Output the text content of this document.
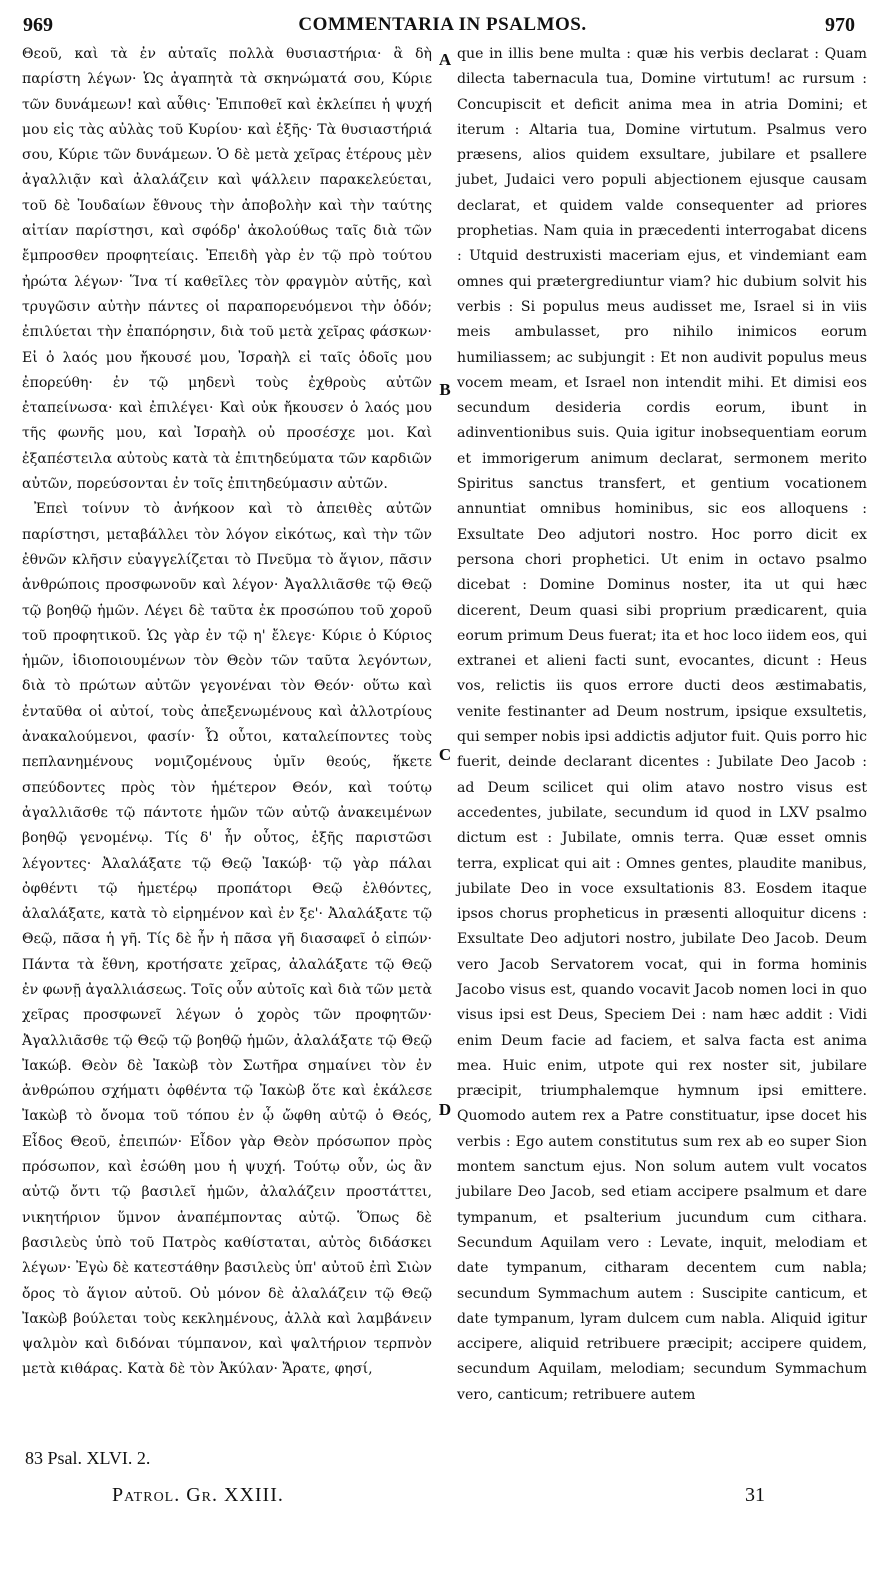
969	COMMENTARIA IN PSALMOS.	970

Θεοῦ, καὶ τὰ ἐν αὐταῖς πολλὰ θυσιαστήρια· ἃ δὴ παρίστη λέγων· Ὡς ἀγαπητὰ τὰ σκηνώματά σου, Κύριε τῶν δυνάμεων! καὶ αὖθις· Ἐπιποθεῖ καὶ ἐκλείπει ἡ ψυχή μου εἰς τὰς αὐλὰς τοῦ Κυρίου· καὶ ἑξῆς· Τὰ θυσιαστήριά σου, Κύριε τῶν δυνάμεων. Ὁ δὲ μετὰ χεῖρας ἑτέρους μὲν ἀγαλλιᾷν καὶ ἀλαλάζειν καὶ ψάλλειν παρακελεύεται, τοῦ δὲ Ἰουδαίων ἔθνους τὴν ἀποβολὴν καὶ τὴν ταύτης αἰτίαν παρίστησι, καὶ σφόδρ' ἀκολούθως ταῖς διὰ τῶν ἔμπροσθεν προφητείαις. Ἐπειδὴ γὰρ ἐν τῷ πρὸ τούτου ἠρώτα λέγων· Ἵνα τί καθεῖλες τὸν φραγμὸν αὐτῆς, καὶ τρυγῶσιν αὐτὴν πάντες οἱ παραπορευόμενοι τὴν ὁδόν; ἐπιλύεται τὴν ἐπαπόρησιν, διὰ τοῦ μετὰ χεῖρας φάσκων· Εἰ ὁ λαός μου ἤκουσέ μου, Ἰσραὴλ εἰ ταῖς ὁδοῖς μου ἐπορεύθη· ἐν τῷ μηδενὶ τοὺς ἐχθροὺς αὐτῶν ἐταπείνωσα· καὶ ἐπιλέγει· Καὶ οὐκ ἤκουσεν ὁ λαός μου τῆς φωνῆς μου, καὶ Ἰσραὴλ οὐ προσέσχε μοι. Καὶ ἐξαπέστειλα αὐτοὺς κατὰ τὰ ἐπιτηδεύματα τῶν καρδιῶν αὐτῶν, πορεύσονται ἐν τοῖς ἐπιτηδεύμασιν αὐτῶν.

Ἐπεὶ τοίνυν τὸ ἀνήκοον καὶ τὸ ἀπειθὲς αὐτῶν παρίστησι, μεταβάλλει τὸν λόγον εἰκότως, καὶ τὴν τῶν ἐθνῶν κλῆσιν εὐαγγελίζεται τὸ Πνεῦμα τὸ ἅγιον, πᾶσιν ἀνθρώποις προσφωνοῦν καὶ λέγον· Ἀγαλλιᾶσθε τῷ Θεῷ τῷ βοηθῷ ἡμῶν. Λέγει δὲ ταῦτα ἐκ προσώπου τοῦ χοροῦ τοῦ προφητικοῦ. Ὡς γὰρ ἐν τῷ η' ἔλεγε· Κύριε ὁ Κύριος ἡμῶν, ἰδιοποιουμένων τὸν Θεὸν τῶν ταῦτα λεγόντων, διὰ τὸ πρώτων αὐτῶν γεγονέναι τὸν Θεόν· οὕτω καὶ ἐνταῦθα οἱ αὐτοί, τοὺς ἀπεξενωμένους καὶ ἀλλοτρίους ἀνακαλούμενοι, φασίν· Ὦ οὗτοι, καταλείποντες τοὺς πεπλανημένους νομιζομένους ὑμῖν θεούς, ἥκετε σπεύδοντες πρὸς τὸν ἡμέτερον Θεόν, καὶ τούτῳ ἀγαλλιᾶσθε τῷ πάντοτε ἡμῶν τῶν αὐτῷ ἀνακειμένων βοηθῷ γενομένῳ. Τίς δ' ἦν οὗτος, ἑξῆς παριστῶσι λέγοντες· Ἀλαλάξατε τῷ Θεῷ Ἰακώβ· τῷ γὰρ πάλαι ὀφθέντι τῷ ἡμετέρῳ προπάτορι Θεῷ ἐλθόντες, ἀλαλάξατε, κατὰ τὸ εἰρημένον καὶ ἐν ξε'· Ἀλαλάξατε τῷ Θεῷ, πᾶσα ἡ γῆ. Τίς δὲ ἦν ἡ πᾶσα γῆ διασαφεῖ ὁ εἰπών· Πάντα τὰ ἔθνη, κροτήσατε χεῖρας, ἀλαλάξατε τῷ Θεῷ ἐν φωνῇ ἀγαλλιάσεως. Τοῖς οὖν αὐτοῖς καὶ διὰ τῶν μετὰ χεῖρας προσφωνεῖ λέγων ὁ χορὸς τῶν προφητῶν· Ἀγαλλιᾶσθε τῷ Θεῷ τῷ βοηθῷ ἡμῶν, ἀλαλάξατε τῷ Θεῷ Ἰακώβ. Θεὸν δὲ Ἰακὼβ τὸν Σωτῆρα σημαίνει τὸν ἐν ἀνθρώπου σχήματι ὀφθέντα τῷ Ἰακὼβ ὅτε καὶ ἐκάλεσε Ἰακὼβ τὸ ὄνομα τοῦ τόπου ἐν ᾧ ὤφθη αὐτῷ ὁ Θεός, Εἶδος Θεοῦ, ἐπειπών· Εἶδον γὰρ Θεὸν πρόσωπον πρὸς πρόσωπον, καὶ ἐσώθη μου ἡ ψυχή. Τούτῳ οὖν, ὡς ἂν αὐτῷ ὄντι τῷ βασιλεῖ ἡμῶν, ἀλαλάζειν προστάττει, νικητήριον ὕμνον ἀναπέμποντας αὐτῷ. Ὅπως δὲ βασιλεὺς ὑπὸ τοῦ Πατρὸς καθίσταται, αὐτὸς διδάσκει λέγων· Ἐγὼ δὲ κατεστάθην βασιλεὺς ὑπ' αὐτοῦ ἐπὶ Σιὼν ὄρος τὸ ἅγιον αὐτοῦ. Οὐ μόνον δὲ ἀλαλάζειν τῷ Θεῷ Ἰακὼβ βούλεται τοὺς κεκλημένους, ἀλλὰ καὶ λαμβάνειν ψαλμὸν καὶ διδόναι τύμπανον, καὶ ψαλτήριον τερπνὸν μετὰ κιθάρας. Κατὰ δὲ τὸν Ἀκύλαν· Ἄρατε, φησί,

A
B
C
D

que in illis bene multa : quæ his verbis declarat : Quam dilecta tabernacula tua, Domine virtutum! ac rursum : Concupiscit et deficit anima mea in atria Domini; et iterum : Altaria tua, Domine virtutum. Psalmus vero præsens, alios quidem exsultare, jubilare et psallere jubet, Judaici vero populi abjectionem ejusque causam declarat, et quidem valde consequenter ad priores prophetias. Nam quia in præcedenti interrogabat dicens : Utquid destruxisti maceriam ejus, et vindemiant eam omnes qui prætergrediuntur viam? hic dubium solvit his verbis : Si populus meus audisset me, Israel si in viis meis ambulasset, pro nihilo inimicos eorum humiliassem; ac subjungit : Et non audivit populus meus vocem meam, et Israel non intendit mihi. Et dimisi eos secundum desideria cordis eorum, ibunt in adinventionibus suis. Quia igitur inobsequentiam eorum et immorigerum animum declarat, sermonem merito Spiritus sanctus transfert, et gentium vocationem annuntiat omnibus hominibus, sic eos alloquens : Exsultate Deo adjutori nostro. Hoc porro dicit ex persona chori prophetici. Ut enim in octavo psalmo dicebat : Domine Dominus noster, ita ut qui hæc dicerent, Deum quasi sibi proprium prædicarent, quia eorum primum Deus fuerat; ita et hoc loco iidem eos, qui extranei et alieni facti sunt, evocantes, dicunt : Heus vos, relictis iis quos errore ducti deos æstimabatis, venite festinanter ad Deum nostrum, ipsique exsultetis, qui semper nobis ipsi addictis adjutor fuit. Quis porro hic fuerit, deinde declarant dicentes : Jubilate Deo Jacob : ad Deum scilicet qui olim atavo nostro visus est accedentes, jubilate, secundum id quod in LXV psalmo dictum est : Jubilate, omnis terra. Quæ esset omnis terra, explicat qui ait : Omnes gentes, plaudite manibus, jubilate Deo in voce exsultationis 83. Eosdem itaque ipsos chorus propheticus in præsenti alloquitur dicens : Exsultate Deo adjutori nostro, jubilate Deo Jacob. Deum vero Jacob Servatorem vocat, qui in forma hominis Jacobo visus est, quando vocavit Jacob nomen loci in quo visus ipsi est Deus, Speciem Dei : nam hæc addit : Vidi enim Deum facie ad faciem, et salva facta est anima mea. Huic enim, utpote qui rex noster sit, jubilare præcipit, triumphalemque hymnum ipsi emittere. Quomodo autem rex a Patre constituatur, ipse docet his verbis : Ego autem constitutus sum rex ab eo super Sion montem sanctum ejus. Non solum autem vult vocatos jubilare Deo Jacob, sed etiam accipere psalmum et dare tympanum, et psalterium jucundum cum cithara. Secundum Aquilam vero : Levate, inquit, melodiam et date tympanum, citharam decentem cum nabla; secundum Symmachum autem : Suscipite canticum, et date tympanum, lyram dulcem cum nabla. Aliquid igitur accipere, aliquid retribuere præcipit; accipere quidem, secundum Aquilam, melodiam; secundum Symmachum vero, canticum; retribuere autem

83 Psal. XLVI. 2.
Patrol. Gr. XXIII.	31
